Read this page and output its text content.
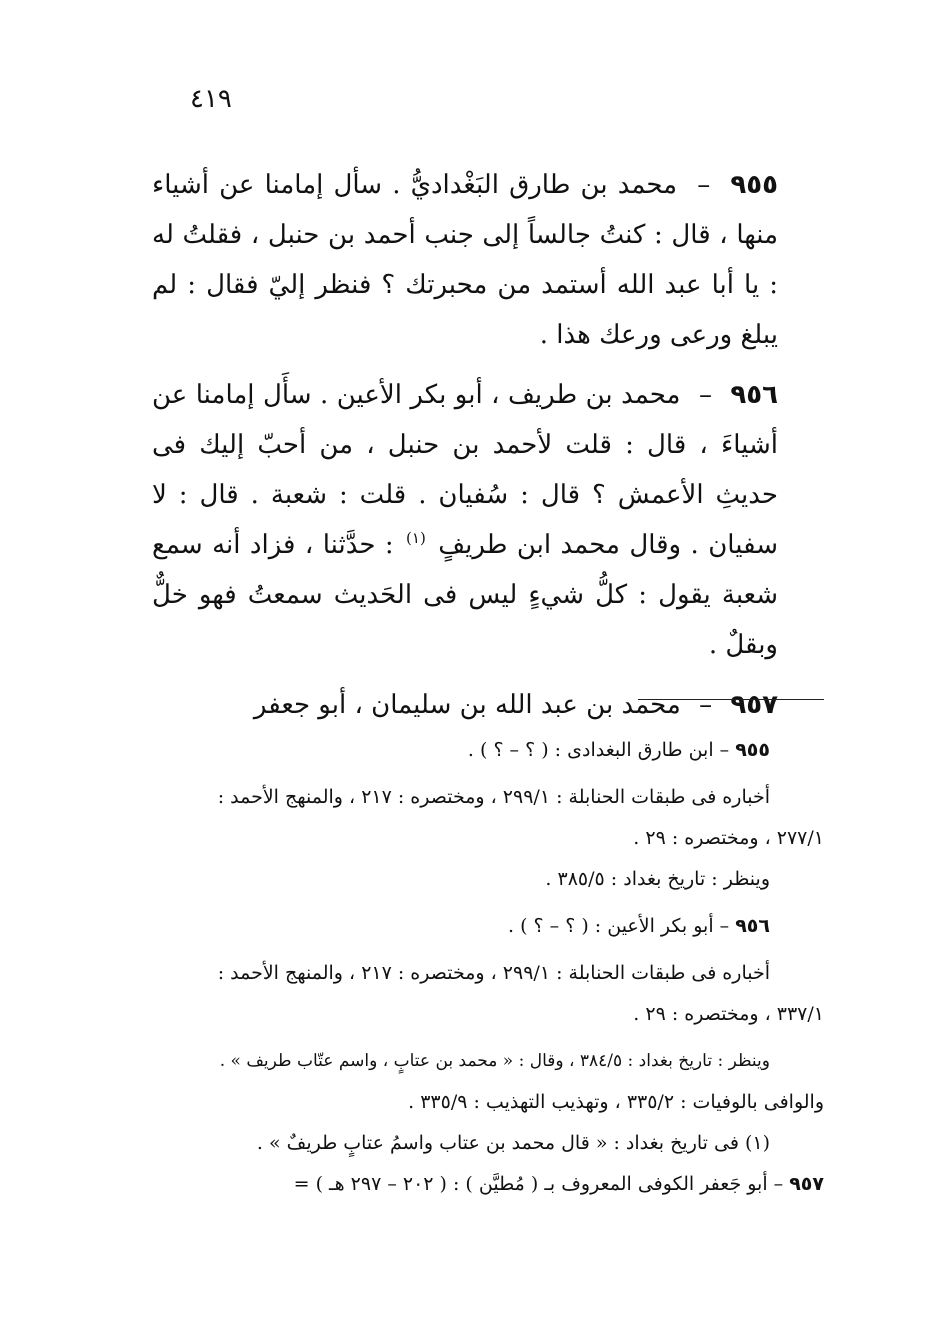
٤١٩

٩٥٥ – محمد بن طارق البَغْداديُّ . سأل إمامنا عن أشياء منها ، قال : كنتُ جالساً إلى جنب أحمد بن حنبل ، فقلتُ له : يا أبا عبد الله أستمد من محبرتك ؟ فنظر إليّ فقال : لم يبلغ ورعى ورعك هذا .

٩٥٦ – محمد بن طريف ، أبو بكر الأعين . سأَل إمامنا عن أشياءَ ، قال : قلت لأحمد بن حنبل ، من أحبّ إليك فى حديثِ الأعمش ؟ قال : سُفيان . قلت : شعبة . قال : لا سفيان . وقال محمد ابن طريفٍ $^{(١)}$ : حدَّثنا ، فزاد أنه سمع شعبة يقول : كلُّ شيءٍ ليس فى الحَديث سمعتُ فهو خلٌّ وبقلٌ .

٩٥٧ – محمد بن عبد الله بن سليمان ، أبو جعفر

٩٥٥ – ابن طارق البغدادى : ( ؟ – ؟ ) .
أخباره فى طبقات الحنابلة : ٢٩٩/١ ، ومختصره : ٢١٧ ، والمنهج الأحمد :
٢٧٧/١ ، ومختصره : ٢٩ .
وينظر : تاريخ بغداد : ٣٨٥/٥ .
٩٥٦ – أبو بكر الأعين : ( ؟ – ؟ ) .
أخباره فى طبقات الحنابلة : ٢٩٩/١ ، ومختصره : ٢١٧ ، والمنهج الأحمد :
٣٣٧/١ ، ومختصره : ٢٩ .
وينظر : تاريخ بغداد : ٣٨٤/٥ ، وقال : « محمد بن عتابٍ ، واسم عتّاب طريف » .
والوافى بالوفيات : ٣٣٥/٢ ، وتهذيب التهذيب : ٣٣٥/٩ .
(١) فى تاريخ بغداد : « قال محمد بن عتاب واسمُ عتابٍ طريفٌ » .
٩٥٧ – أبو جَعفر الكوفى المعروف بـ ( مُطيَّن ) : ( ٢٠٢ – ٢٩٧ هـ ) =
